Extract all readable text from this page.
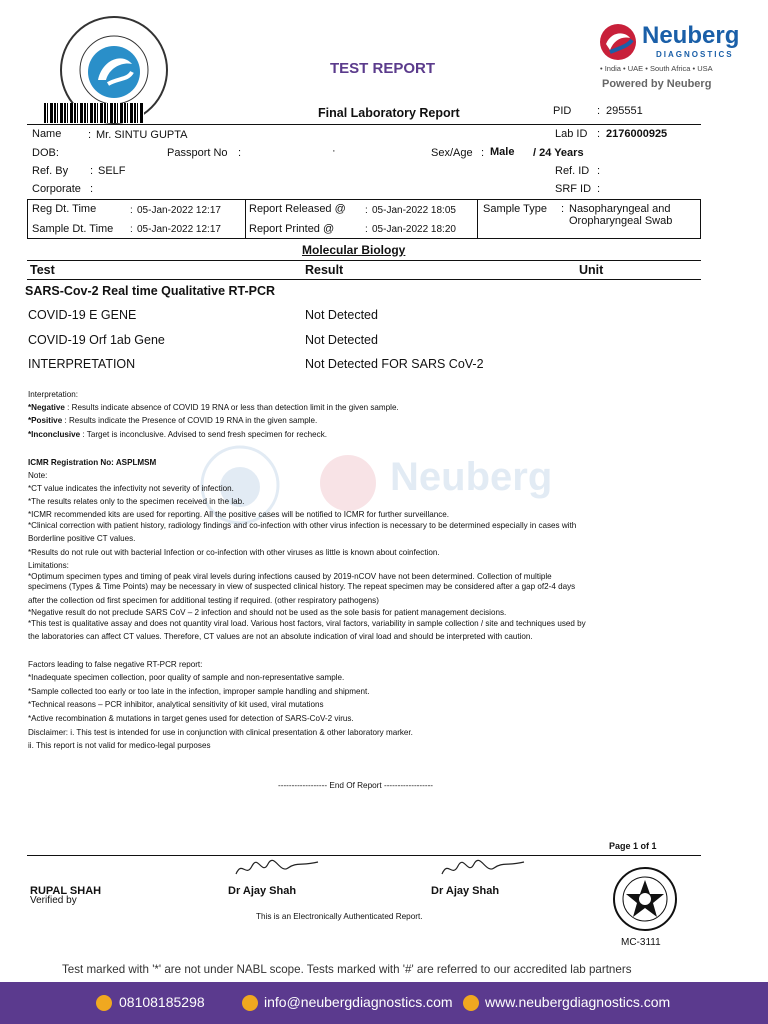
TEST REPORT
Neuberg
DIAGNOSTICS
• India • UAE • South Africa • USA
Powered by Neuberg
Final Laboratory Report	PID : 295551
Name : Mr. SINTU GUPTA	Lab ID : 2176000925
DOB:	Passport No :	·	Sex/Age : Male / 24 Years
Ref. By : SELF	Ref. ID :
Corporate :	SRF ID :
Reg Dt. Time	: 05-Jan-2022 12:17
Sample Dt. Time : 05-Jan-2022 12:17
Report Released @ : 05-Jan-2022 18:05
Report Printed @	: 05-Jan-2022 18:20
Sample Type : Nasopharyngeal and
Oropharyngeal Swab
Molecular Biology
Test	Result	Unit
SARS-Cov-2 Real time Qualitative RT-PCR
COVID-19 E GENE	Not Detected
COVID-19 Orf 1ab Gene	Not Detected
INTERPRETATION	Not Detected FOR SARS CoV-2
Neuberg
Interpretation:
*Negative : Results indicate absence of COVID 19 RNA or less than detection limit in the given sample.
*Positive : Results indicate the Presence of COVID 19 RNA in the given sample.
*Inconclusive : Target is inconclusive. Advised to send fresh specimen for recheck.
ICMR Registration No: ASPLMSM
Note:
*CT value indicates the infectivity not severity of infection.
*The results relates only to the specimen received in the lab.
*ICMR recommended kits are used for reporting. All the positive cases will be notified to ICMR for further surveillance.
*Clinical correction with patient history, radiology findings and co-infection with other virus infection is necessary to be determined especially in cases with
Borderline positive CT values.
*Results do not rule out with bacterial Infection or co-infection with other viruses as little is known about coinfection.
Limitations:
*Optimum specimen types and timing of peak viral levels during infections caused by 2019-nCOV have not been determined. Collection of multiple
specimens (Types & Time Points) may be necessary in view of suspected clinical history. The repeat specimen may be considered after a gap of2-4 days
after the collection od first specimen for additional testing if required. (other respiratory pathogens)
*Negative result do not preclude SARS CoV – 2 infection and should not be used as the sole basis for patient management decisions.
*This test is qualitative assay and does not quantity viral load. Various host factors, viral factors, variability in sample collection / site and techniques used by
the laboratories can affect CT values. Therefore, CT values are not an absolute indication of viral load and should be interpreted with caution.
Factors leading to false negative RT-PCR report:
*Inadequate specimen collection, poor quality of sample and non-representative sample.
*Sample collected too early or too late in the infection, improper sample handling and shipment.
*Technical reasons – PCR inhibitor, analytical sensitivity of kit used, viral mutations
*Active recombination & mutations in target genes used for detection of SARS-CoV-2 virus.
Disclaimer: i. This test is intended for use in conjunction with clinical presentation & other laboratory marker.
ii. This report is not valid for medico-legal purposes
------------------ End Of Report ------------------
Page 1 of 1
RUPAL SHAH
Verified by
Dr Ajay Shah	Dr Ajay Shah
This is an Electronically Authenticated Report.
MC-3111
Test marked with '*' are not under NABL scope. Tests marked with '#' are referred to our accredited lab partners
08108185298	info@neubergdiagnostics.com www.neubergdiagnostics.com
